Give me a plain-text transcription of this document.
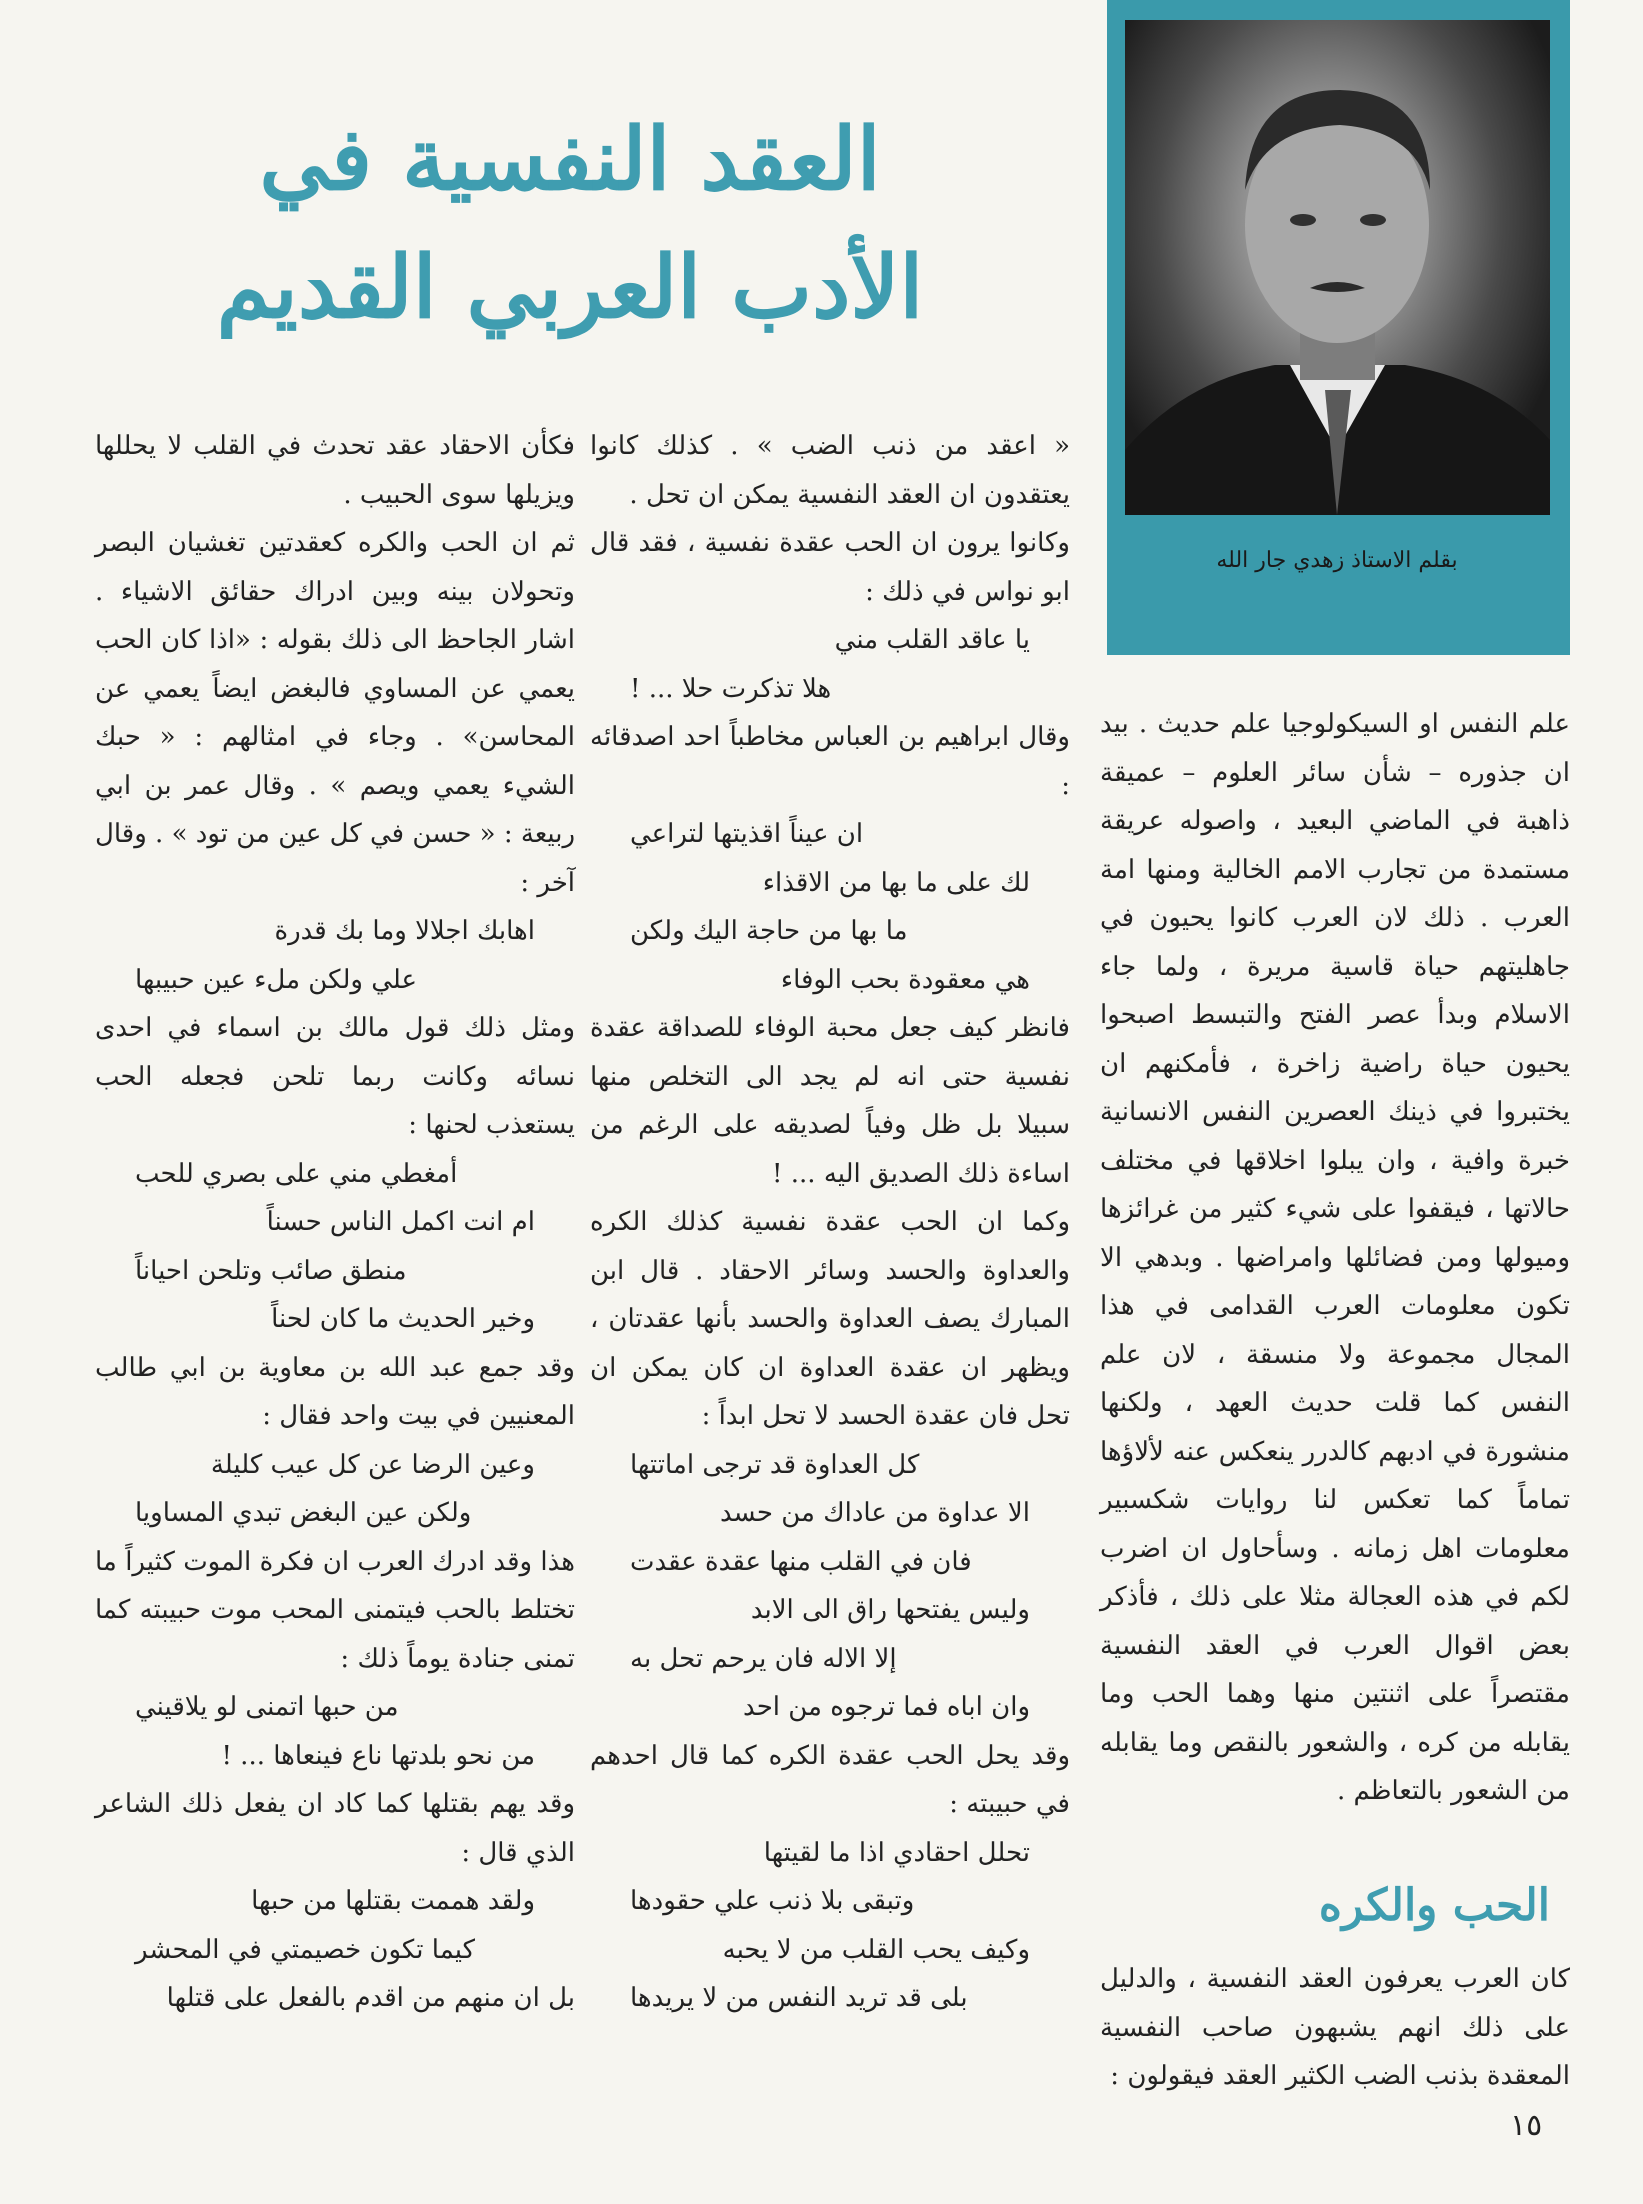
بقلم الاستاذ زهدي جار الله
العقد النفسية في
الأدب العربي القديم

علم النفس او السيكولوجيا علم حديث . بيد ان جذوره – شأن سائر العلوم – عميقة ذاهبة في الماضي البعيد ، واصوله عريقة مستمدة من تجارب الامم الخالية ومنها امة العرب . ذلك لان العرب كانوا يحيون في جاهليتهم حياة قاسية مريرة ، ولما جاء الاسلام وبدأ عصر الفتح والتبسط اصبحوا يحيون حياة راضية زاخرة ، فأمكنهم ان يختبروا في ذينك العصرين النفس الانسانية خبرة وافية ، وان يبلوا اخلاقها في مختلف حالاتها ، فيقفوا على شيء كثير من غرائزها وميولها ومن فضائلها وامراضها . وبدهي الا تكون معلومات العرب القدامى في هذا المجال مجموعة ولا منسقة ، لان علم النفس كما قلت حديث العهد ، ولكنها منشورة في ادبهم كالدرر ينعكس عنه لألاؤها تماماً كما تعكس لنا روايات شكسبير معلومات اهل زمانه . وسأحاول ان اضرب لكم في هذه العجالة مثلا على ذلك ، فأذكر بعض اقوال العرب في العقد النفسية مقتصراً على اثنتين منها وهما الحب وما يقابله من كره ، والشعور بالنقص وما يقابله من الشعور بالتعاظم .

الحب والكره

كان العرب يعرفون العقد النفسية ، والدليل على ذلك انهم يشبهون صاحب النفسية المعقدة بذنب الضب الكثير العقد فيقولون :

« اعقد من ذنب الضب » . كذلك كانوا يعتقدون ان العقد النفسية يمكن ان تحل .

وكانوا يرون ان الحب عقدة نفسية ، فقد قال ابو نواس في ذلك :

يا عاقد القلب مني

هلا تذكرت حلا ... !

وقال ابراهيم بن العباس مخاطباً احد اصدقائه :

ان عيناً اقذيتها لتراعي

لك على ما بها من الاقذاء

ما بها من حاجة اليك ولكن

هي معقودة بحب الوفاء

فانظر كيف جعل محبة الوفاء للصداقة عقدة نفسية حتى انه لم يجد الى التخلص منها سبيلا بل ظل وفياً لصديقه على الرغم من اساءة ذلك الصديق اليه ... !

وكما ان الحب عقدة نفسية كذلك الكره والعداوة والحسد وسائر الاحقاد . قال ابن المبارك يصف العداوة والحسد بأنها عقدتان ، ويظهر ان عقدة العداوة ان كان يمكن ان تحل فان عقدة الحسد لا تحل ابداً :

كل العداوة قد ترجى اماتتها

الا عداوة من عاداك من حسد

فان في القلب منها عقدة عقدت

وليس يفتحها راق الى الابد

إلا الاله فان يرحم تحل به

وان اباه فما ترجوه من احد

وقد يحل الحب عقدة الكره كما قال احدهم في حبيبته :

تحلل احقادي اذا ما لقيتها

وتبقى بلا ذنب علي حقودها

وكيف يحب القلب من لا يحبه

بلى قد تريد النفس من لا يريدها

فكأن الاحقاد عقد تحدث في القلب لا يحللها ويزيلها سوى الحبيب .

ثم ان الحب والكره كعقدتين تغشيان البصر وتحولان بينه وبين ادراك حقائق الاشياء . اشار الجاحظ الى ذلك بقوله : «اذا كان الحب يعمي عن المساوي فالبغض ايضاً يعمي عن المحاسن» . وجاء في امثالهم : « حبك الشيء يعمي ويصم » . وقال عمر بن ابي ربيعة : « حسن في كل عين من تود » . وقال آخر :

اهابك اجلالا وما بك قدرة

علي ولكن ملء عين حبيبها

ومثل ذلك قول مالك بن اسماء في احدى نسائه وكانت ربما تلحن فجعله الحب يستعذب لحنها :

أمغطي مني على بصري للحب

ام انت اكمل الناس حسناً

منطق صائب وتلحن احياناً

وخير الحديث ما كان لحناً

وقد جمع عبد الله بن معاوية بن ابي طالب المعنيين في بيت واحد فقال :

وعين الرضا عن كل عيب كليلة

ولكن عين البغض تبدي المساويا

هذا وقد ادرك العرب ان فكرة الموت كثيراً ما تختلط بالحب فيتمنى المحب موت حبيبته كما تمنى جنادة يوماً ذلك :

من حبها اتمنى لو يلاقيني

من نحو بلدتها ناع فينعاها ... !

وقد يهم بقتلها كما كاد ان يفعل ذلك الشاعر الذي قال :

ولقد هممت بقتلها من حبها

كيما تكون خصيمتي في المحشر

بل ان منهم من اقدم بالفعل على قتلها

١٥
